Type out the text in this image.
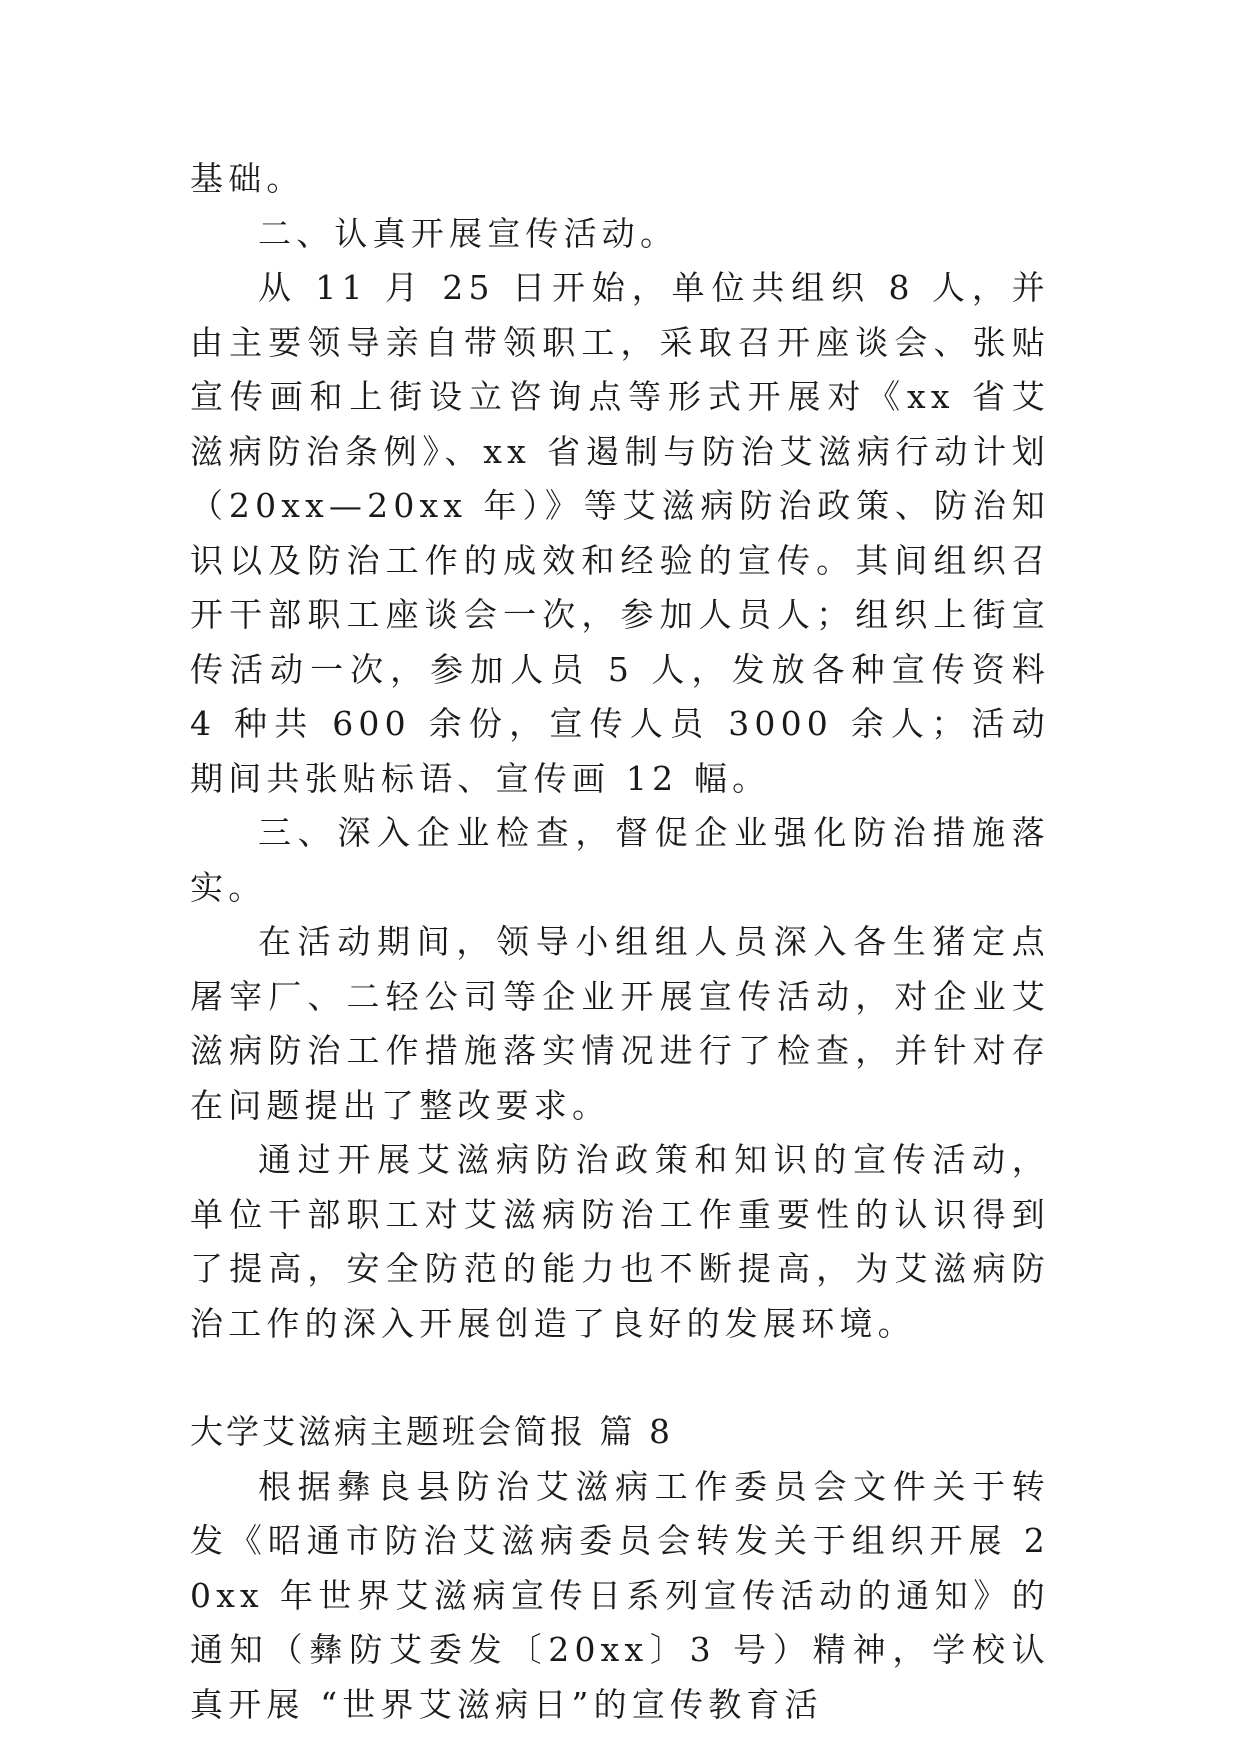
基础。

二、认真开展宣传活动。

从 11 月 25 日开始，单位共组织 8 人，并由主要领导亲自带领职工，采取召开座谈会、张贴宣传画和上街设立咨询点等形式开展对《xx 省艾滋病防治条例》、xx 省遏制与防治艾滋病行动计划（20xx—20xx 年）》等艾滋病防治政策、防治知识以及防治工作的成效和经验的宣传。其间组织召开干部职工座谈会一次，参加人员人；组织上街宣传活动一次，参加人员 5 人，发放各种宣传资料 4 种共 600 余份，宣传人员 3000 余人；活动期间共张贴标语、宣传画 12 幅。

三、深入企业检查，督促企业强化防治措施落实。

在活动期间，领导小组组人员深入各生猪定点屠宰厂、二轻公司等企业开展宣传活动，对企业艾滋病防治工作措施落实情况进行了检查，并针对存在问题提出了整改要求。

通过开展艾滋病防治政策和知识的宣传活动，单位干部职工对艾滋病防治工作重要性的认识得到了提高，安全防范的能力也不断提高，为艾滋病防治工作的深入开展创造了良好的发展环境。

大学艾滋病主题班会简报 篇 8

根据彝良县防治艾滋病工作委员会文件关于转发《昭通市防治艾滋病委员会转发关于组织开展 20xx 年世界艾滋病宣传日系列宣传活动的通知》的通知（彝防艾委发〔20xx〕3 号）精神，学校认真开展 “世界艾滋病日”的宣传教育活
